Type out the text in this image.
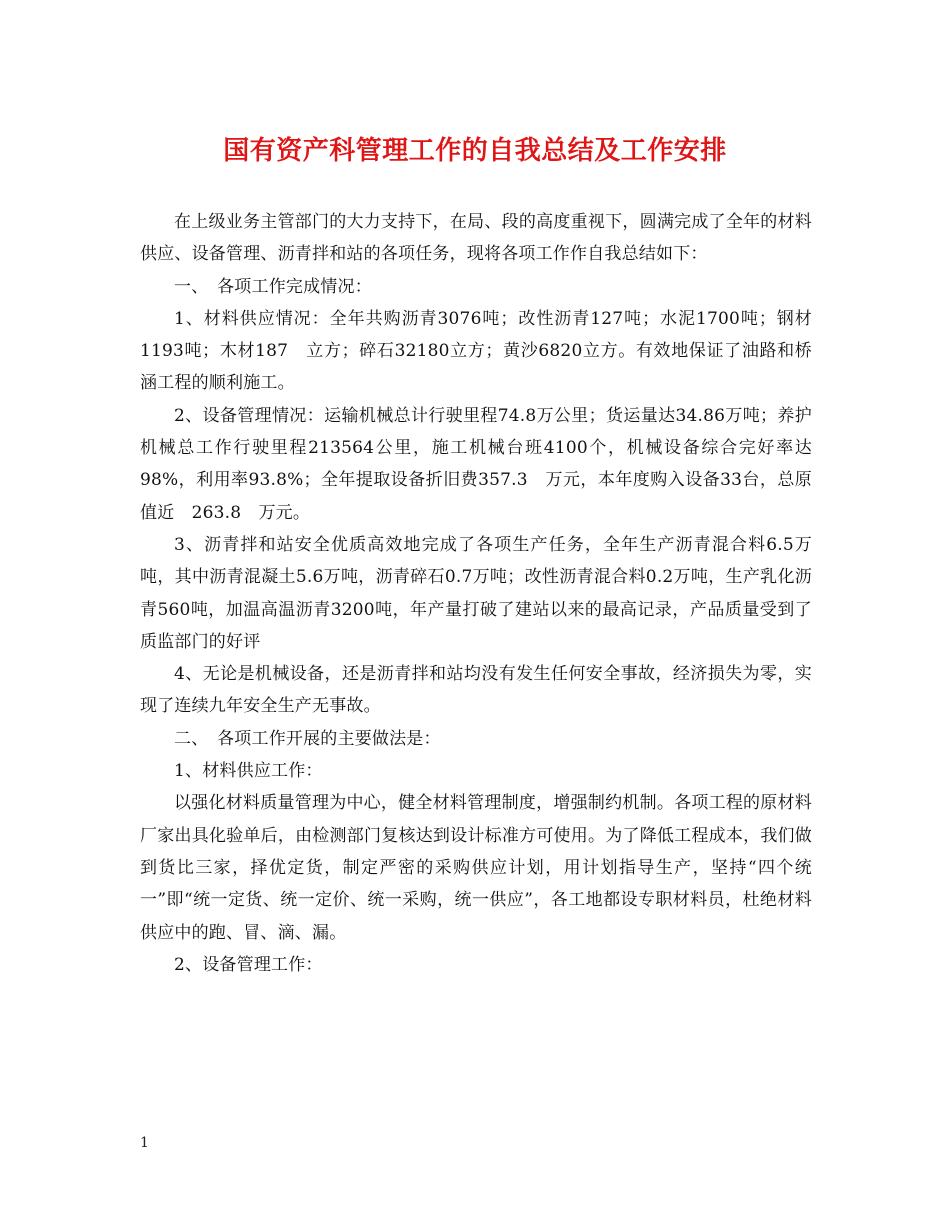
国有资产科管理工作的自我总结及工作安排

在上级业务主管部门的大力支持下，在局、段的高度重视下，圆满完成了全年的材料供应、设备管理、沥青拌和站的各项任务，现将各项工作作自我总结如下：

一、　各项工作完成情况：

1、材料供应情况：全年共购沥青3076吨；改性沥青127吨；水泥1700吨；钢材1193吨；木材187　立方；碎石32180立方；黄沙6820立方。有效地保证了油路和桥涵工程的顺利施工。

2、设备管理情况：运输机械总计行驶里程74.8万公里；货运量达34.86万吨；养护机械总工作行驶里程213564公里，施工机械台班4100个，机械设备综合完好率达98%，利用率93.8%；全年提取设备折旧费357.3　万元，本年度购入设备33台，总原值近　263.8　万元。

3、沥青拌和站安全优质高效地完成了各项生产任务，全年生产沥青混合料6.5万吨，其中沥青混凝土5.6万吨，沥青碎石0.7万吨；改性沥青混合料0.2万吨，生产乳化沥青560吨，加温高温沥青3200吨，年产量打破了建站以来的最高记录，产品质量受到了质监部门的好评

4、无论是机械设备，还是沥青拌和站均没有发生任何安全事故，经济损失为零，实现了连续九年安全生产无事故。

二、　各项工作开展的主要做法是：

1、材料供应工作：

以强化材料质量管理为中心，健全材料管理制度，增强制约机制。各项工程的原材料厂家出具化验单后，由检测部门复核达到设计标准方可使用。为了降低工程成本，我们做到货比三家，择优定货，制定严密的采购供应计划，用计划指导生产，坚持“四个统一”即“统一定货、统一定价、统一采购，统一供应”，各工地都设专职材料员，杜绝材料供应中的跑、冒、滴、漏。

2、设备管理工作：

1
